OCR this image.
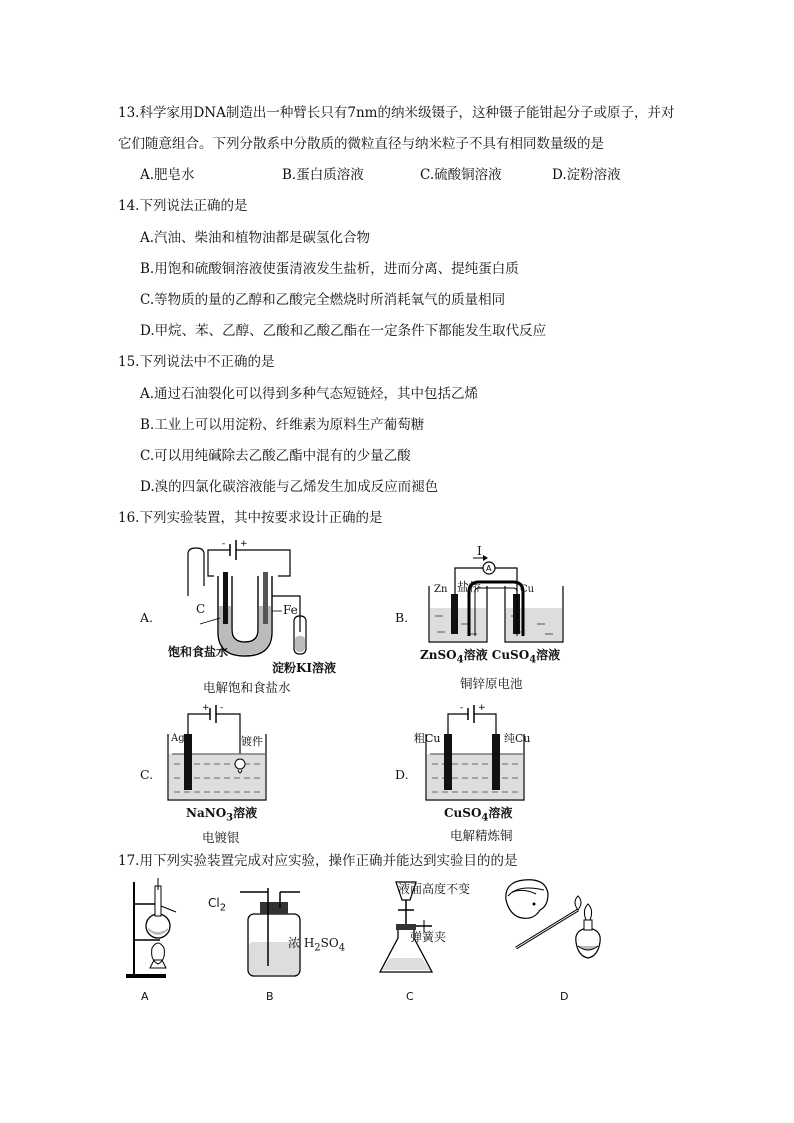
13.科学家用DNA制造出一种臂长只有7nm的纳米级镊子，这种镊子能钳起分子或原子，并对
它们随意组合。下列分散系中分散质的微粒直径与纳米粒子不具有相同数量级的是
A.肥皂水	B.蛋白质溶液	C.硫酸铜溶液	D.淀粉溶液
14.下列说法正确的是
A.汽油、柴油和植物油都是碳氢化合物
B.用饱和硫酸铜溶液使蛋清液发生盐析，进而分离、提纯蛋白质
C.等物质的量的乙醇和乙酸完全燃烧时所消耗氧气的质量相同
D.甲烷、苯、乙醇、乙酸和乙酸乙酯在一定条件下都能发生取代反应
15.下列说法中不正确的是
A.通过石油裂化可以得到多种气态短链烃，其中包括乙烯
B.工业上可以用淀粉、纤维素为原料生产葡萄糖
C.可以用纯碱除去乙酸乙酯中混有的少量乙酸
D.溴的四氯化碳溶液能与乙烯发生加成反应而褪色
16.下列实验装置，其中按要求设计正确的是
A.
- +
C	Fe
饱和食盐水
淀粉KI溶液
电解饱和食盐水
B.
A
I
盐桥
Zn	Cu
ZnSO$_4$溶液 CuSO$_4$溶液
铜锌原电池
C.
+ -
Ag	镀件
NaNO$_3$溶液
电镀银
D.
- +
粗Cu	纯Cu
CuSO$_4$溶液
电解精炼铜
17.用下列实验装置完成对应实验，操作正确并能达到实验目的的是
A
$Cl_2$
浓 $H_2SO_4$
B
液面高度不变
弹簧夹
C	D
